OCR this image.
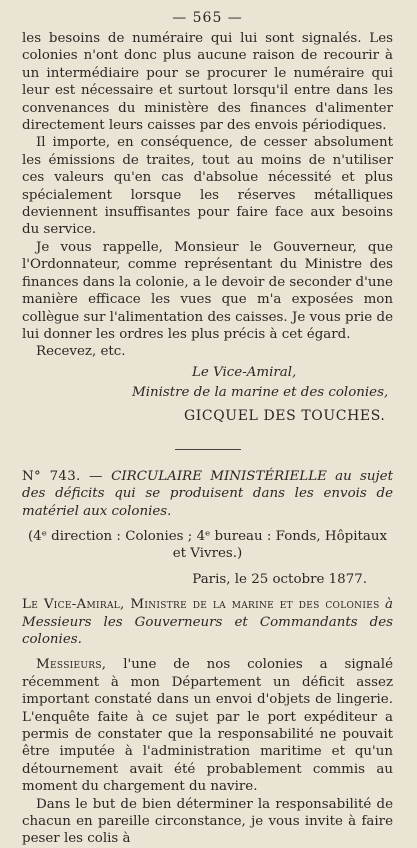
— 565 —

les besoins de numéraire qui lui sont signalés. Les colonies n'ont donc plus aucune raison de recourir à un intermédiaire pour se procurer le numéraire qui leur est nécessaire et surtout lorsqu'il entre dans les convenances du ministère des finances d'alimenter directement leurs caisses par des envois périodiques.

Il importe, en conséquence, de cesser absolument les émissions de traites, tout au moins de n'utiliser ces valeurs qu'en cas d'absolue nécessité et plus spécialement lorsque les réserves métalliques deviennent insuffisantes pour faire face aux besoins du service.

Je vous rappelle, Monsieur le Gouverneur, que l'Ordonnateur, comme représentant du Ministre des finances dans la colonie, a le devoir de seconder d'une manière efficace les vues que m'a exposées mon collègue sur l'alimentation des caisses. Je vous prie de lui donner les ordres les plus précis à cet égard.

Recevez, etc.

Le Vice-Amiral,
Ministre de la marine et des colonies,
GICQUEL DES TOUCHES.

N° 743. — CIRCULAIRE MINISTÉRIELLE au sujet des déficits qui se produisent dans les envois de matériel aux colonies.

(4ᵉ direction : Colonies ; 4ᵉ bureau : Fonds, Hôpitaux et Vivres.)

Paris, le 25 octobre 1877.

Le Vice-Amiral, Ministre de la marine et des colonies à Messieurs les Gouverneurs et Commandants des colonies.

Messieurs, l'une de nos colonies a signalé récemment à mon Département un déficit assez important constaté dans un envoi d'objets de lingerie. L'enquête faite à ce sujet par le port expéditeur a permis de constater que la responsabilité ne pouvait être imputée à l'administration maritime et qu'un détournement avait été probablement commis au moment du chargement du navire.

Dans le but de bien déterminer la responsabilité de chacun en pareille circonstance, je vous invite à faire peser les colis à
